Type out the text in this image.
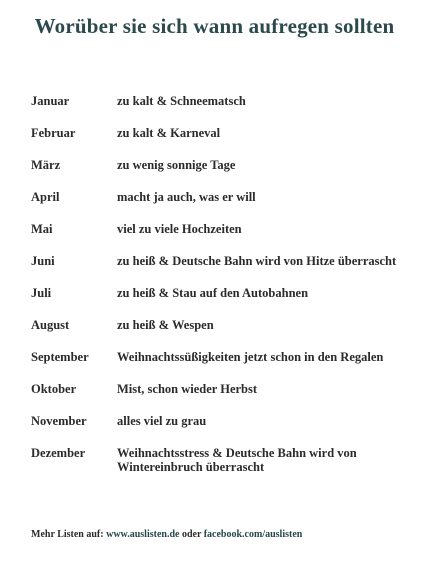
Worüber sie sich wann aufregen sollten
Januar	zu kalt & Schneematsch
Februar	zu kalt & Karneval
März	zu wenig sonnige Tage
April	macht ja auch, was er will
Mai	viel zu viele Hochzeiten
Juni	zu heiß & Deutsche Bahn wird von Hitze überrascht
Juli	zu heiß & Stau auf den Autobahnen
August	zu heiß & Wespen
September Weihnachtssüßigkeiten jetzt schon in den Regalen
Oktober	Mist, schon wieder Herbst
November alles viel zu grau
Dezember	Weihnachtsstress & Deutsche Bahn wird von Wintereinbruch überrascht
Mehr Listen auf: www.auslisten.de oder facebook.com/auslisten
